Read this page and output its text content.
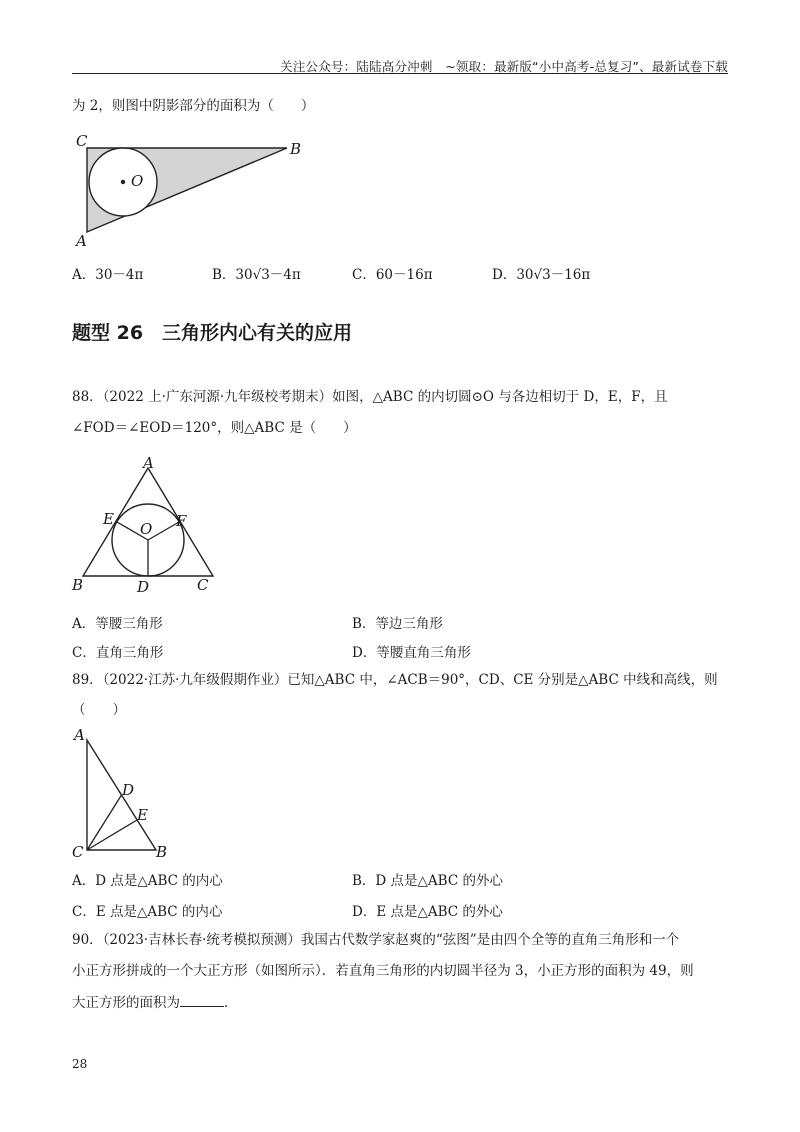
关注公众号：陆陆高分冲刺　~领取：最新版“小中高考-总复习”、最新试卷下载
为 2，则图中阴影部分的面积为（　　）
C	B
A
O
A．30－4π	B．30√3－4π	C．60－16π	D．30√3－16π
题型 26　三角形内心有关的应用
88．（2022 上·广东河源·九年级校考期末）如图，△ABC 的内切圆⊙O 与各边相切于 D，E，F，且
∠FOD＝∠EOD＝120°，则△ABC 是（　　）
A
B	C
D
E	F
O
A．等腰三角形	B．等边三角形
C．直角三角形	D．等腰直角三角形
89．（2022·江苏·九年级假期作业）已知△ABC 中，∠ACB＝90°，CD、CE 分别是△ABC 中线和高线，则
（　　）
A
C	B
D
E
A．D 点是△ABC 的内心	B．D 点是△ABC 的外心
C．E 点是△ABC 的内心	D．E 点是△ABC 的外心
90．（2023·吉林长春·统考模拟预测）我国古代数学家赵爽的“弦图”是由四个全等的直角三角形和一个
小正方形拼成的一个大正方形（如图所示）．若直角三角形的内切圆半径为 3，小正方形的面积为 49，则
大正方形的面积为	．
28
